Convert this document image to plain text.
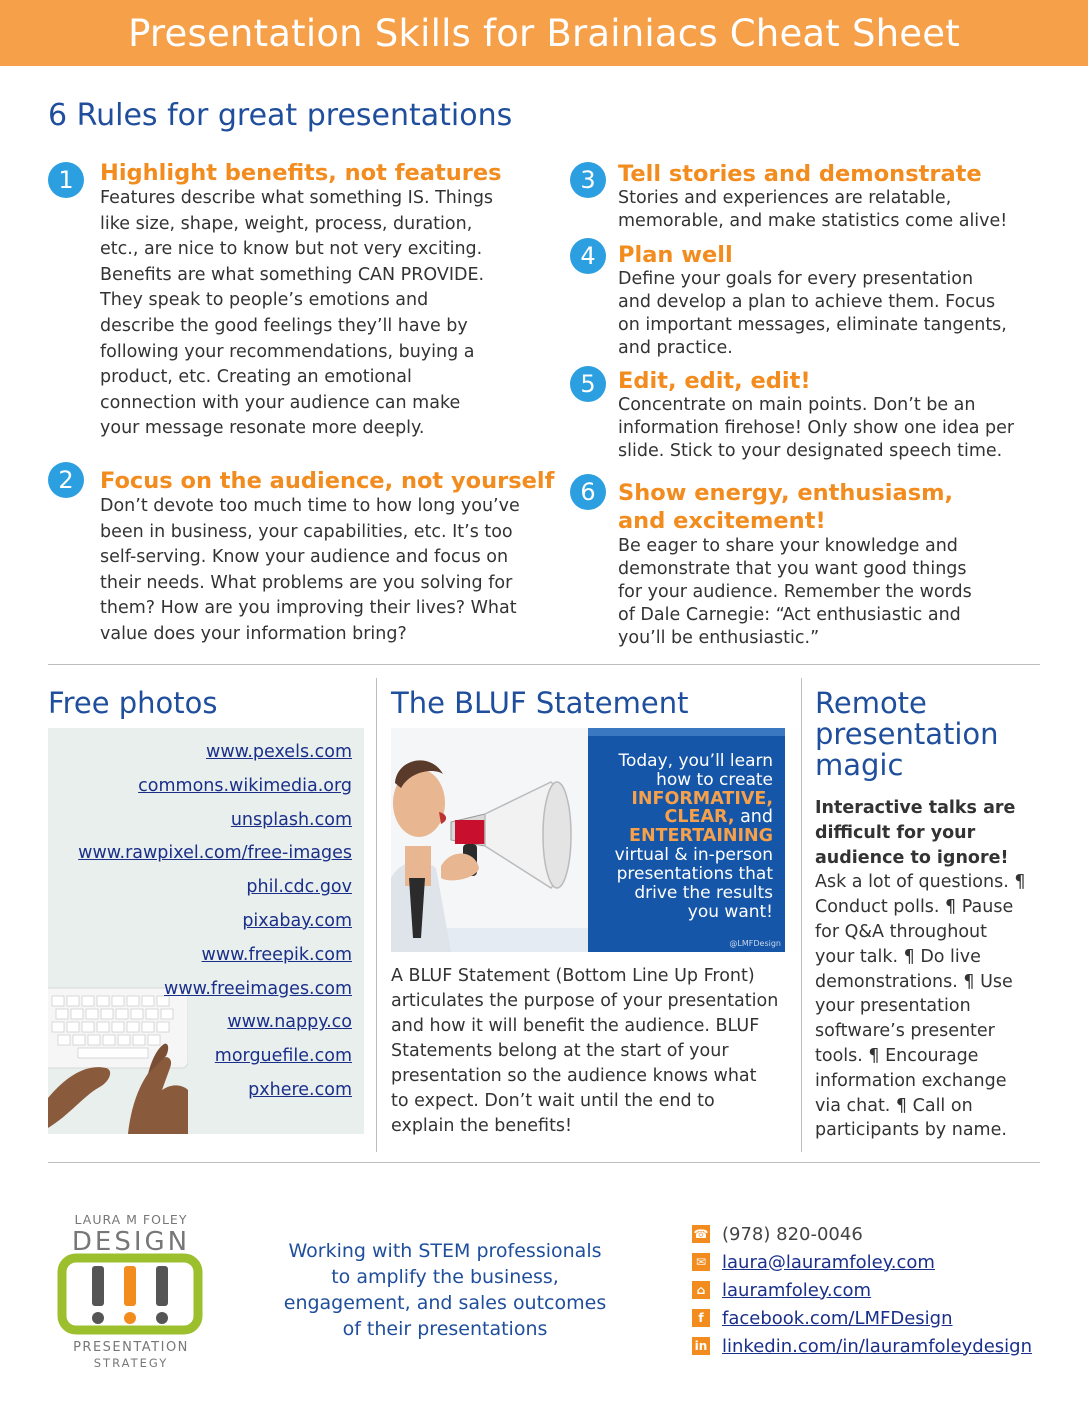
Presentation Skills for Brainiacs Cheat Sheet
6 Rules for great presentations
1	Highlight benefits, not features

Features describe what something IS. Things
like size, shape, weight, process, duration,
etc., are nice to know but not very exciting.
Benefits are what something CAN PROVIDE.
They speak to people’s emotions and
describe the good feelings they’ll have by
following your recommendations, buying a
product, etc. Creating an emotional
connection with your audience can make
your message resonate more deeply.

2	Focus on the audience, not yourself

Don’t devote too much time to how long you’ve
been in business, your capabilities, etc. It’s too
self-serving. Know your audience and focus on
their needs. What problems are you solving for
them? How are you improving their lives? What
value does your information bring?

3 Tell stories and demonstrate

Stories and experiences are relatable,
memorable, and make statistics come alive!

4 Plan well

Define your goals for every presentation
and develop a plan to achieve them. Focus
on important messages, eliminate tangents,
and practice.

5 Edit, edit, edit!

Concentrate on main points. Don’t be an
information firehose! Only show one idea per
slide. Stick to your designated speech time.

6 Show energy, enthusiasm,
and excitement!

Be eager to share your knowledge and
demonstrate that you want good things
for your audience. Remember the words
of Dale Carnegie: “Act enthusiastic and
you’ll be enthusiastic.”

Free photos
www.pexels.com
commons.wikimedia.org
unsplash.com
www.rawpixel.com/free-images
phil.cdc.gov
pixabay.com
www.freepik.com
www.freeimages.com
www.nappy.co
morguefile.com
pxhere.com
The BLUF Statement
Today, you’ll learn
how to create
INFORMATIVE,
CLEAR, and
ENTERTAINING
virtual & in-person
presentations that
drive the results
you want!
@LMFDesign
A BLUF Statement (Bottom Line Up Front)
articulates the purpose of your presentation
and how it will benefit the audience. BLUF
Statements belong at the start of your
presentation so the audience knows what
to expect. Don’t wait until the end to
explain the benefits!
Remote
presentation
magic
Interactive talks are
difficult for your
audience to ignore!
Ask a lot of questions. ¶
Conduct polls. ¶ Pause
for Q&A throughout
your talk. ¶ Do live
demonstrations. ¶ Use
your presentation
software’s presenter
tools. ¶ Encourage
information exchange
via chat. ¶ Call on
participants by name.
LAURA M FOLEY
DESIGN
PRESENTATION
STRATEGY
Working with STEM professionals
to amplify the business,
engagement, and sales outcomes
of their presentations
☎ (978) 820-0046
✉ laura@lauramfoley.com
⌂ lauramfoley.com
f	facebook.com/LMFDesign
in linkedin.com/in/lauramfoleydesign
